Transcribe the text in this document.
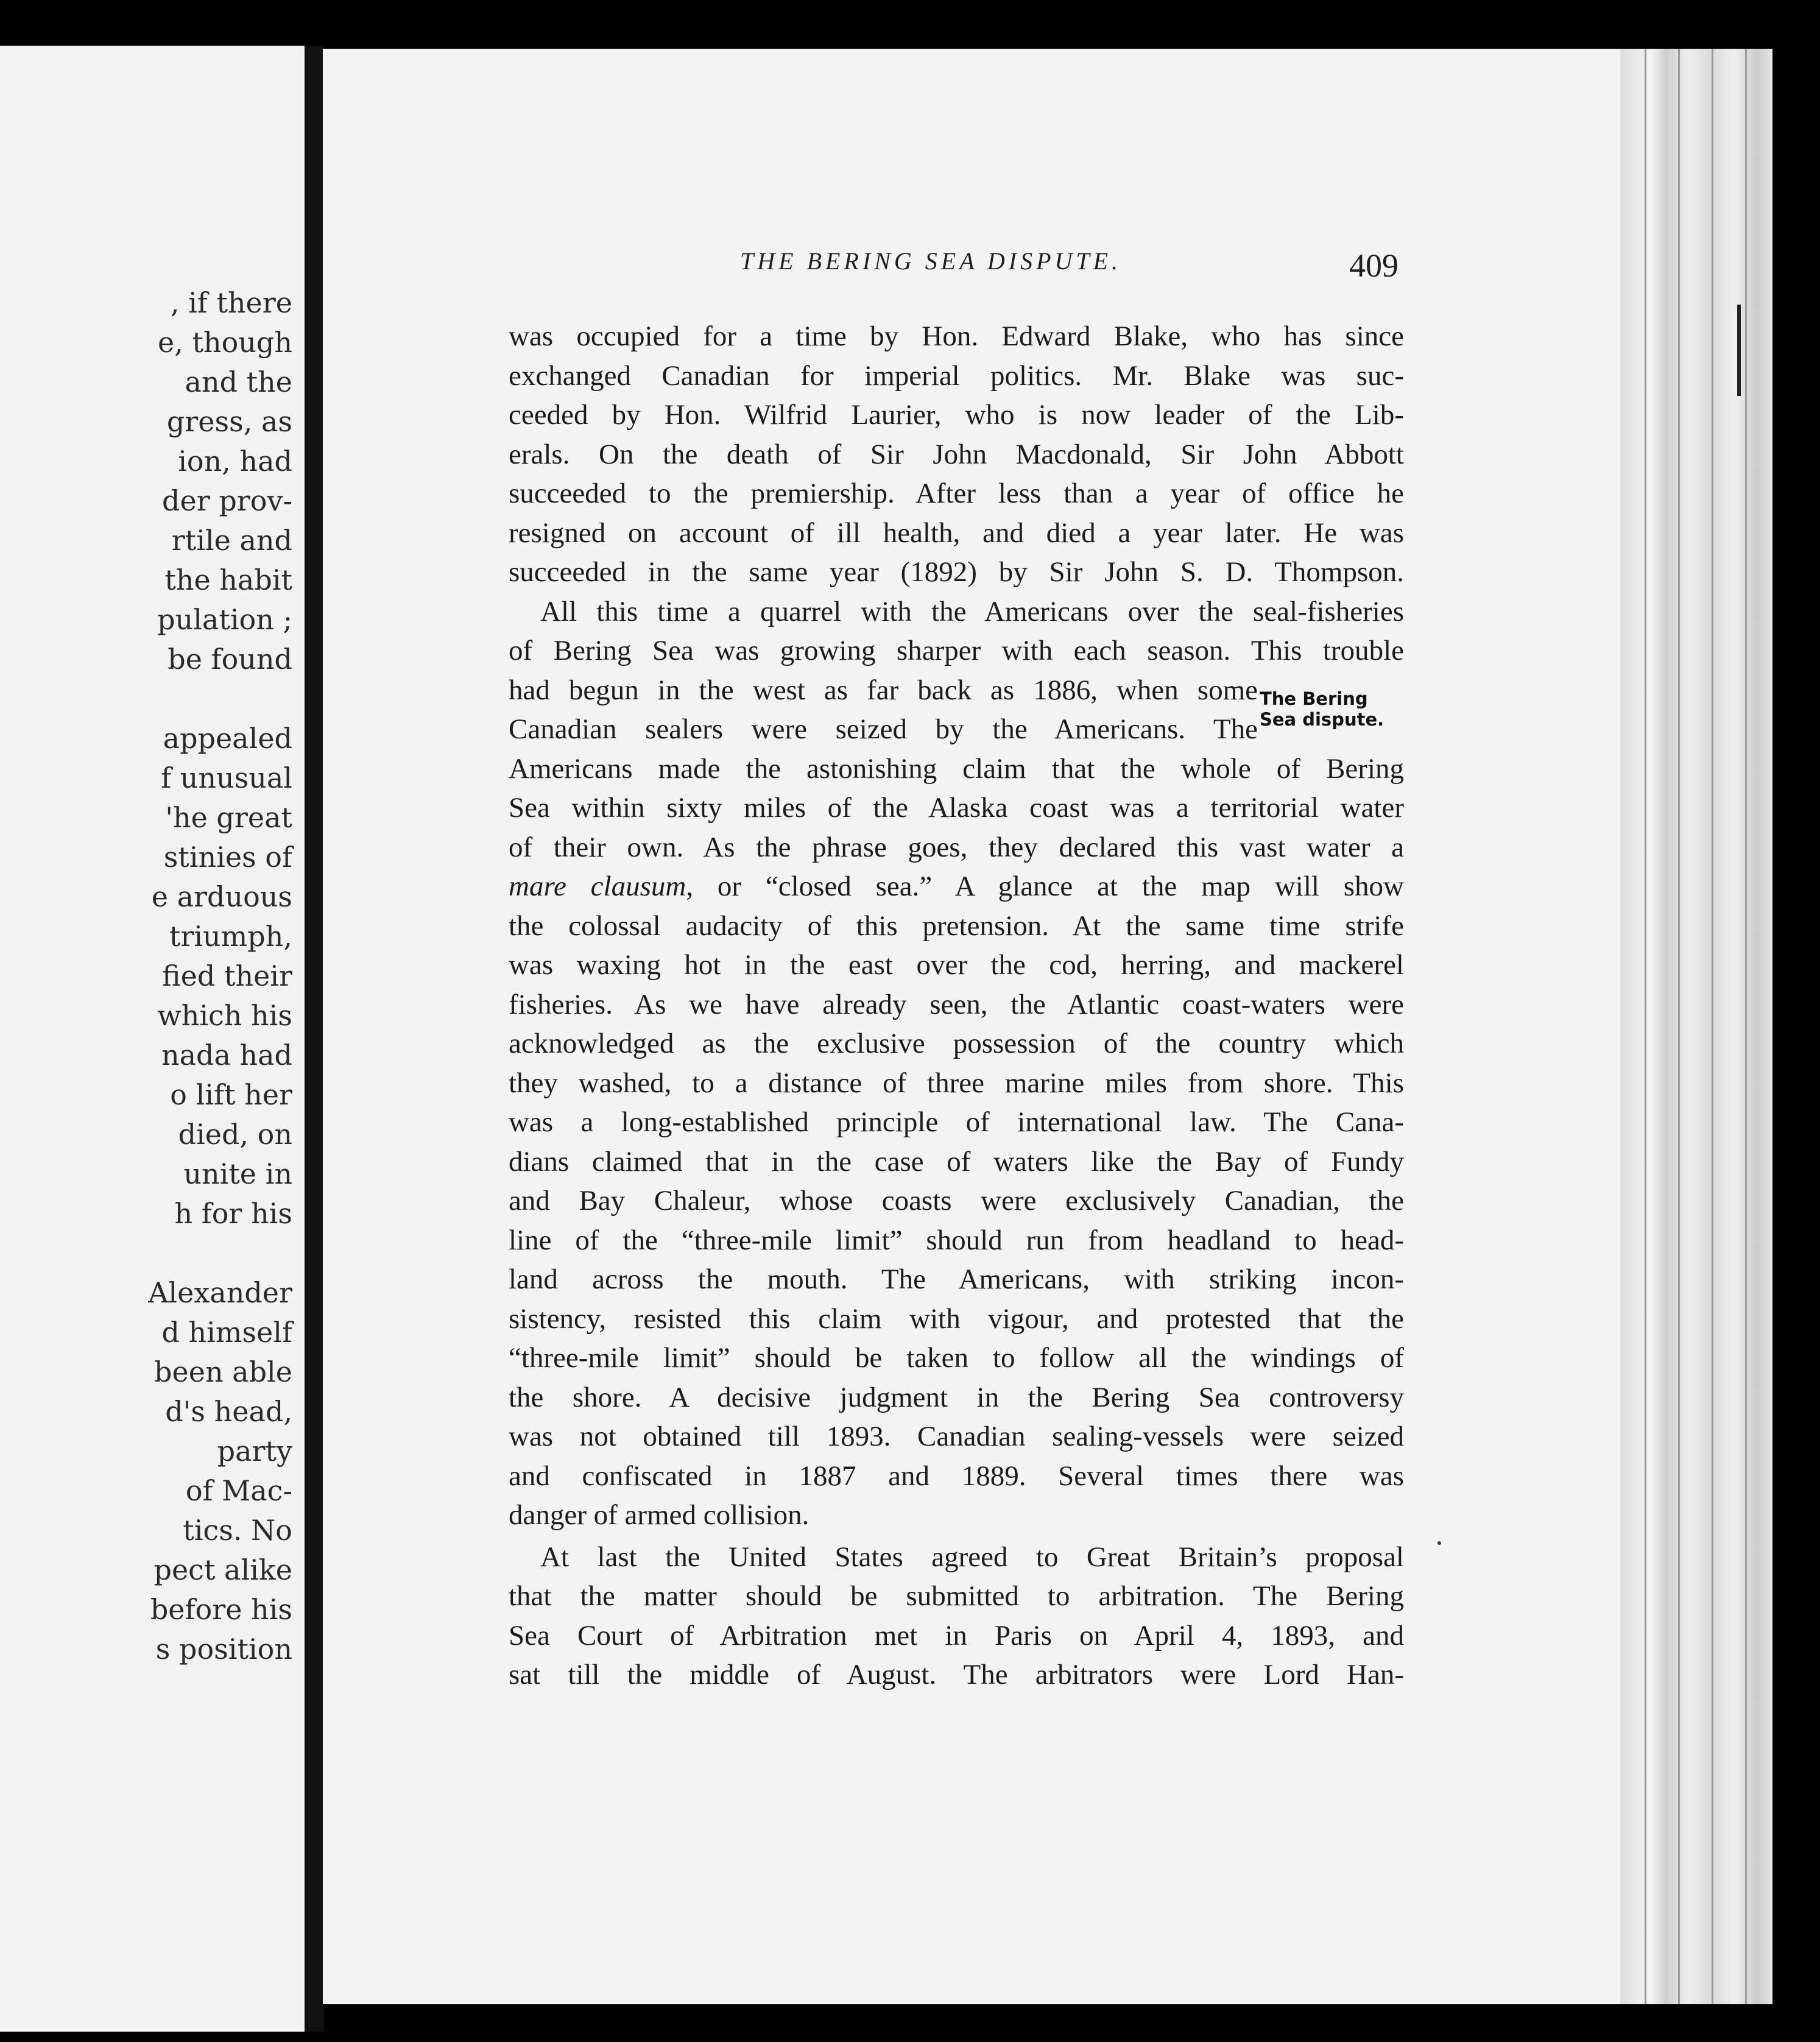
, if there
e, though
and the
gress, as
ion, had
der prov-
rtile and
the habit
pulation ;
be found
appealed
f unusual
'he great
stinies of
e arduous
triumph,
fied their
which his
nada had
o lift her
died, on
unite in
h for his
Alexander
d himself
been able
d's head,
party
of Mac-
tics. No
pect alike
before his
s position
THE BERING SEA DISPUTE.	409
was occupied for a time by Hon. Edward Blake, who has since
exchanged Canadian for imperial politics. Mr. Blake was suc-
ceeded by Hon. Wilfrid Laurier, who is now leader of the Lib-
erals. On the death of Sir John Macdonald, Sir John Abbott
succeeded to the premiership. After less than a year of office he
resigned on account of ill health, and died a year later. He was
succeeded in the same year (1892) by Sir John S. D. Thompson.
All this time a quarrel with the Americans over the seal-fisheries
of Bering Sea was growing sharper with each season. This trouble
had begun in the west as far back as 1886, when some
Canadian sealers were seized by the Americans. The
Americans made the astonishing claim that the whole of Bering
Sea within sixty miles of the Alaska coast was a territorial water
of their own. As the phrase goes, they declared this vast water a
mare clausum, or “closed sea.” A glance at the map will show
the colossal audacity of this pretension. At the same time strife
was waxing hot in the east over the cod, herring, and mackerel
fisheries. As we have already seen, the Atlantic coast-waters were
acknowledged as the exclusive possession of the country which
they washed, to a distance of three marine miles from shore. This
was a long-established principle of international law. The Cana-
dians claimed that in the case of waters like the Bay of Fundy
and Bay Chaleur, whose coasts were exclusively Canadian, the
line of the “three-mile limit” should run from headland to head-
land across the mouth. The Americans, with striking incon-
sistency, resisted this claim with vigour, and protested that the
“three-mile limit” should be taken to follow all the windings of
the shore. A decisive judgment in the Bering Sea controversy
was not obtained till 1893. Canadian sealing-vessels were seized
and confiscated in 1887 and 1889. Several times there was
danger of armed collision.
At last the United States agreed to Great Britain’s proposal
that the matter should be submitted to arbitration. The Bering
Sea Court of Arbitration met in Paris on April 4, 1893, and
sat till the middle of August. The arbitrators were Lord Han-
The Bering
Sea dispute.
